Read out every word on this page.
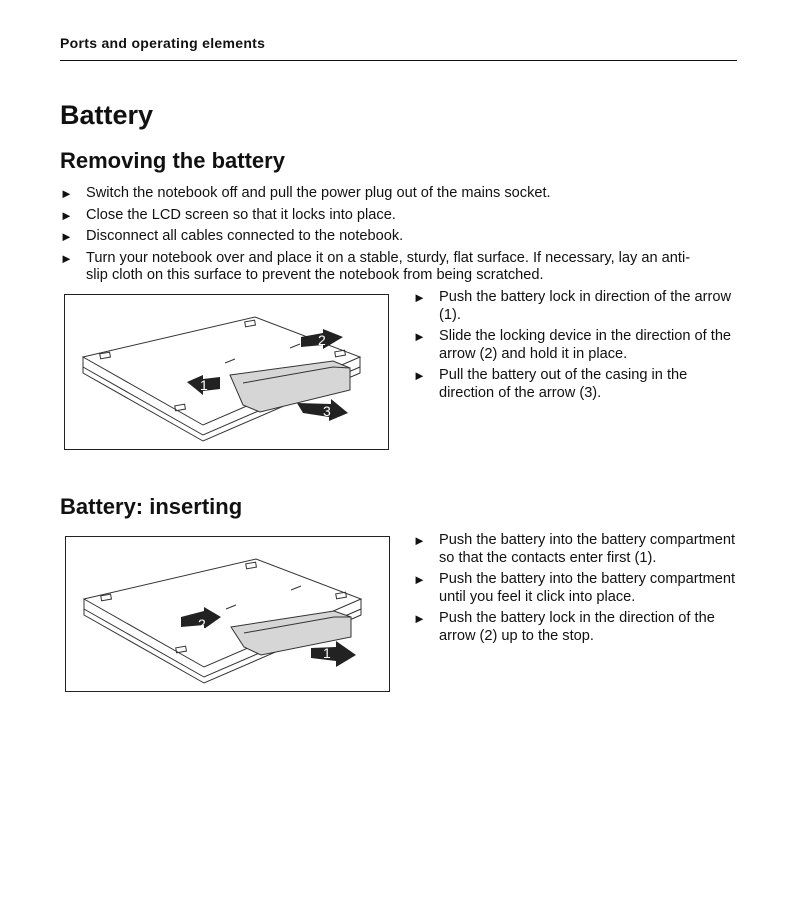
Ports and operating elements
Battery
Removing the battery
► Switch the notebook off and pull the power plug out of the mains socket.
► Close the LCD screen so that it locks into place.
► Disconnect all cables connected to the notebook.
► Turn your notebook over and place it on a stable, sturdy, flat surface. If necessary, lay an anti-slip cloth on this surface to prevent the notebook from being scratched.
1
2
3
► Push the battery lock in direction of the arrow (1).
► Slide the locking device in the direction of the arrow (2) and hold it in place.
► Pull the battery out of the casing in the direction of the arrow (3).
Battery: inserting
2
1
► Push the battery into the battery compartment so that the contacts enter first (1).
► Push the battery into the battery compartment until you feel it click into place.
► Push the battery lock in the direction of the arrow (2) up to the stop.
